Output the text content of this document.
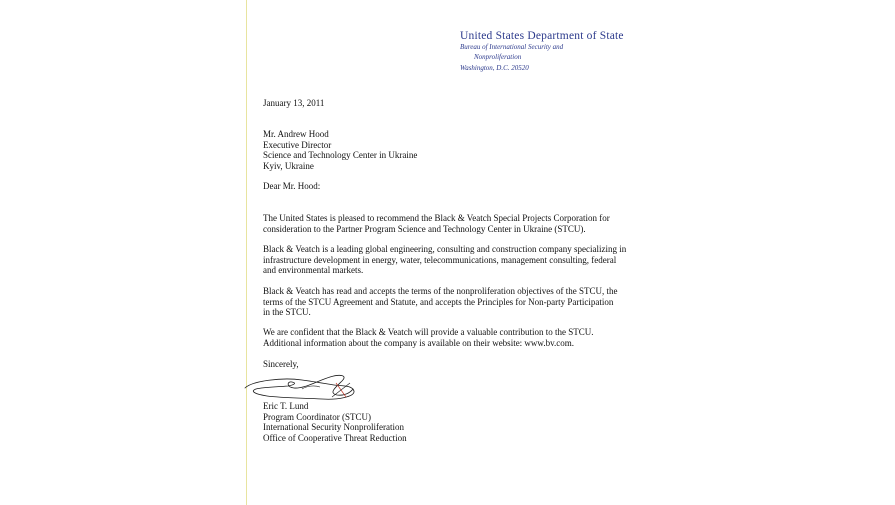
United States Department of State
Bureau of International Security and
Nonproliferation
Washington, D.C. 20520
January 13, 2011
Mr. Andrew Hood
Executive Director
Science and Technology Center in Ukraine
Kyiv, Ukraine
Dear Mr. Hood:
The United States is pleased to recommend the Black & Veatch Special Projects Corporation for
consideration to the Partner Program Science and Technology Center in Ukraine (STCU).
Black & Veatch is a leading global engineering, consulting and construction company specializing in
infrastructure development in energy, water, telecommunications, management consulting, federal
and environmental markets.
Black & Veatch has read and accepts the terms of the nonproliferation objectives of the STCU, the
terms of the STCU Agreement and Statute, and accepts the Principles for Non-party Participation
in the STCU.
We are confident that the Black & Veatch will provide a valuable contribution to the STCU.
Additional information about the company is available on their website: www.bv.com.
Sincerely,
Eric T. Lund
Program Coordinator (STCU)
International Security Nonproliferation
Office of Cooperative Threat Reduction
